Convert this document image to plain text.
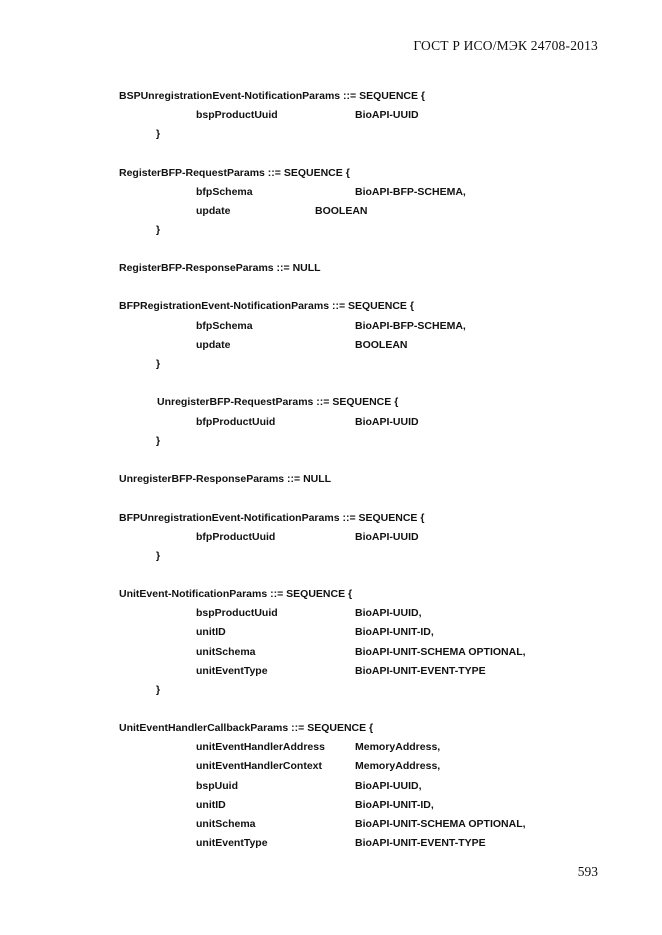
ГОСТ Р ИСО/МЭК 24708-2013
BSPUnregistrationEvent-NotificationParams ::= SEQUENCE {
bspProductUuid	BioAPI-UUID
}
RegisterBFP-RequestParams ::= SEQUENCE {
bfpSchema	BioAPI-BFP-SCHEMA,
update	BOOLEAN
}
RegisterBFP-ResponseParams ::= NULL
BFPRegistrationEvent-NotificationParams ::= SEQUENCE {
bfpSchema	BioAPI-BFP-SCHEMA,
update	BOOLEAN
}
UnregisterBFP-RequestParams ::= SEQUENCE {
bfpProductUuid	BioAPI-UUID
}
UnregisterBFP-ResponseParams ::= NULL
BFPUnregistrationEvent-NotificationParams ::= SEQUENCE {
bfpProductUuid	BioAPI-UUID
}
UnitEvent-NotificationParams ::= SEQUENCE {
bspProductUuid	BioAPI-UUID,
unitID	BioAPI-UNIT-ID,
unitSchema	BioAPI-UNIT-SCHEMA OPTIONAL,
unitEventType	BioAPI-UNIT-EVENT-TYPE
}
UnitEventHandlerCallbackParams ::= SEQUENCE {
unitEventHandlerAddress	MemoryAddress,
unitEventHandlerContext	MemoryAddress,
bspUuid	BioAPI-UUID,
unitID	BioAPI-UNIT-ID,
unitSchema	BioAPI-UNIT-SCHEMA OPTIONAL,
unitEventType	BioAPI-UNIT-EVENT-TYPE
593
